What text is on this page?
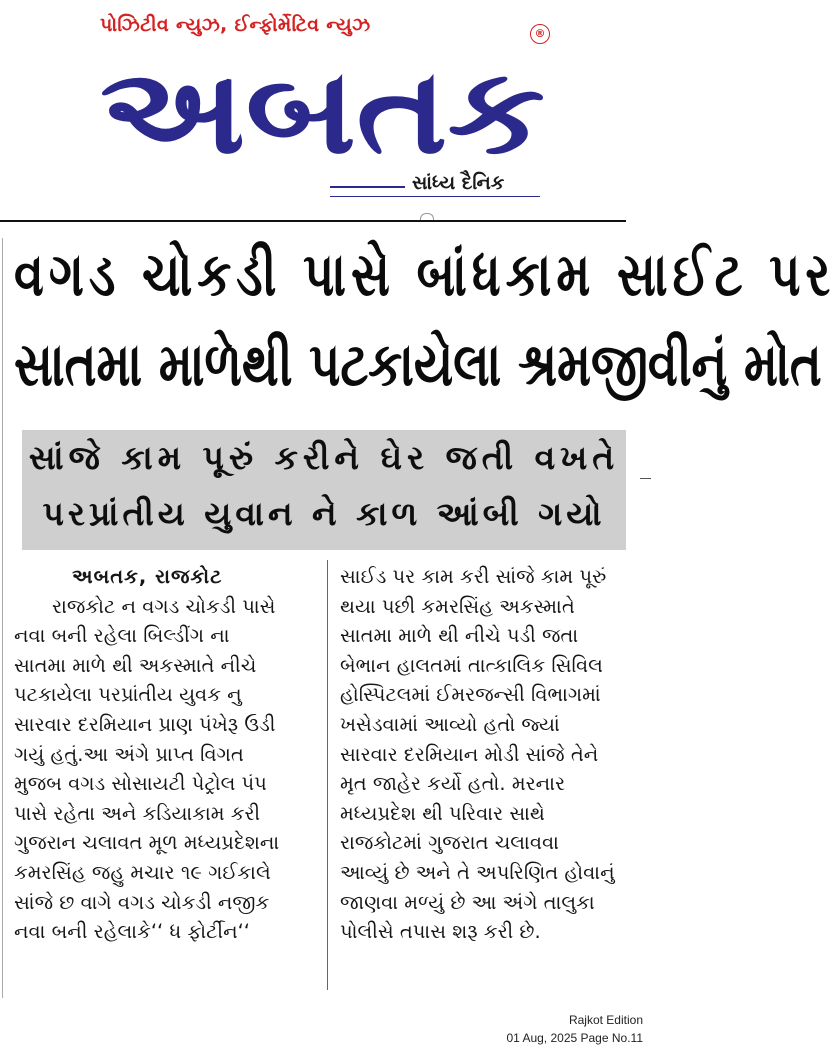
પોઝિટીવ ન્યુઝ, ઈન્ફોર્મેટિવ ન્યુઝ	®
અબતક
સાંધ્ય દૈનિક
વગડ ચોકડી પાસે બાંધકામ સાઈટ પર
સાતમા માળેથી પટકાયેલા શ્રમજીવીનું મોત
સાંજે કામ પૂરું કરીને ઘેર જતી વખતે
પરપ્રાંતીય યુવાન ને કાળ આંબી ગયો
અબતક, રાજકોટ
રાજકોટ ન વગડ ચોકડી પાસે
નવા બની રહેલા બિલ્ડીંગ ના
સાતમા માળે થી અકસ્માતે નીચે
પટકાયેલા પરપ્રાંતીય યુવક નુ
સારવાર દરમિયાન પ્રાણ પંખેરૂ ઉડી
ગયું હતું.આ અંગે પ્રાપ્ત વિગત
મુજબ વગડ સોસાયટી પેટ્રોલ પંપ
પાસે રહેતા અને કડિયાકામ કરી
ગુજરાન ચલાવત મૂળ મધ્યપ્રદેશના
કમરસિંહ જહુ મચાર ૧૯ ગઈકાલે
સાંજે છ વાગે વગડ ચોકડી નજીક
નવા બની રહેલાકે‘‘ ધ ફોર્ટીન‘‘
સાઈડ પર કામ કરી સાંજે કામ પૂરું
થયા પછી કમરસિંહ અકસ્માતે
સાતમા માળે થી નીચે પડી જતા
બેભાન હાલતમાં તાત્કાલિક સિવિલ
હોસ્પિટલમાં ઈમરજન્સી વિભાગમાં
ખસેડવામાં આવ્યો હતો જ્યાં
સારવાર દરમિયાન મોડી સાંજે તેને
મૃત જાહેર કર્યો હતો. મરનાર
મધ્યપ્રદેશ થી પરિવાર સાથે
રાજકોટમાં ગુજરાત ચલાવવા
આવ્યું છે અને તે અપરિણિત હોવાનું
જાણવા મળ્યું છે આ અંગે તાલુકા
પોલીસે તપાસ શરૂ કરી છે.
Rajkot Edition
01 Aug, 2025 Page No.11
